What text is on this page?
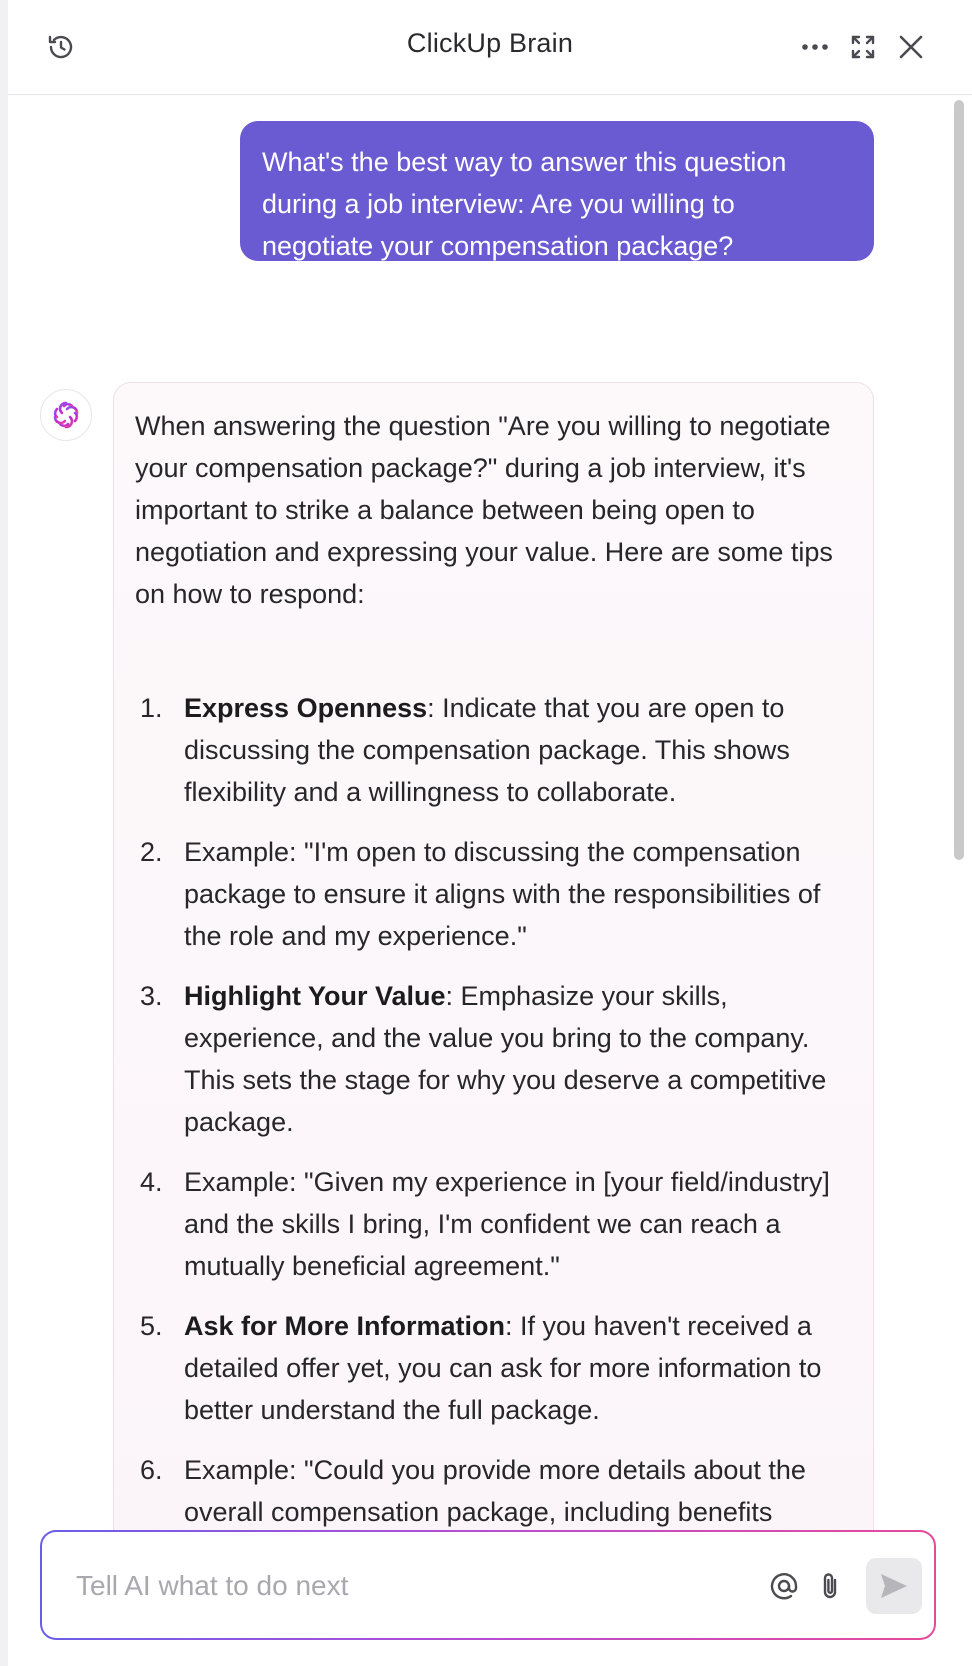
ClickUp Brain
What's the best way to answer this question during a job interview: Are you willing to negotiate your compensation package?
When answering the question "Are you willing to negotiate your compensation package?" during a job interview, it's important to strike a balance between being open to negotiation and expressing your value. Here are some tips on how to respond:
1. Express Openness: Indicate that you are open to discussing the compensation package. This shows flexibility and a willingness to collaborate.
2. Example: "I'm open to discussing the compensation package to ensure it aligns with the responsibilities of the role and my experience."
3. Highlight Your Value: Emphasize your skills, experience, and the value you bring to the company. This sets the stage for why you deserve a competitive package.
4. Example: "Given my experience in [your field/industry] and the skills I bring, I'm confident we can reach a mutually beneficial agreement."
5. Ask for More Information: If you haven't received a detailed offer yet, you can ask for more information to better understand the full package.
6. Example: "Could you provide more details about the overall compensation package, including benefits
Tell AI what to do next
